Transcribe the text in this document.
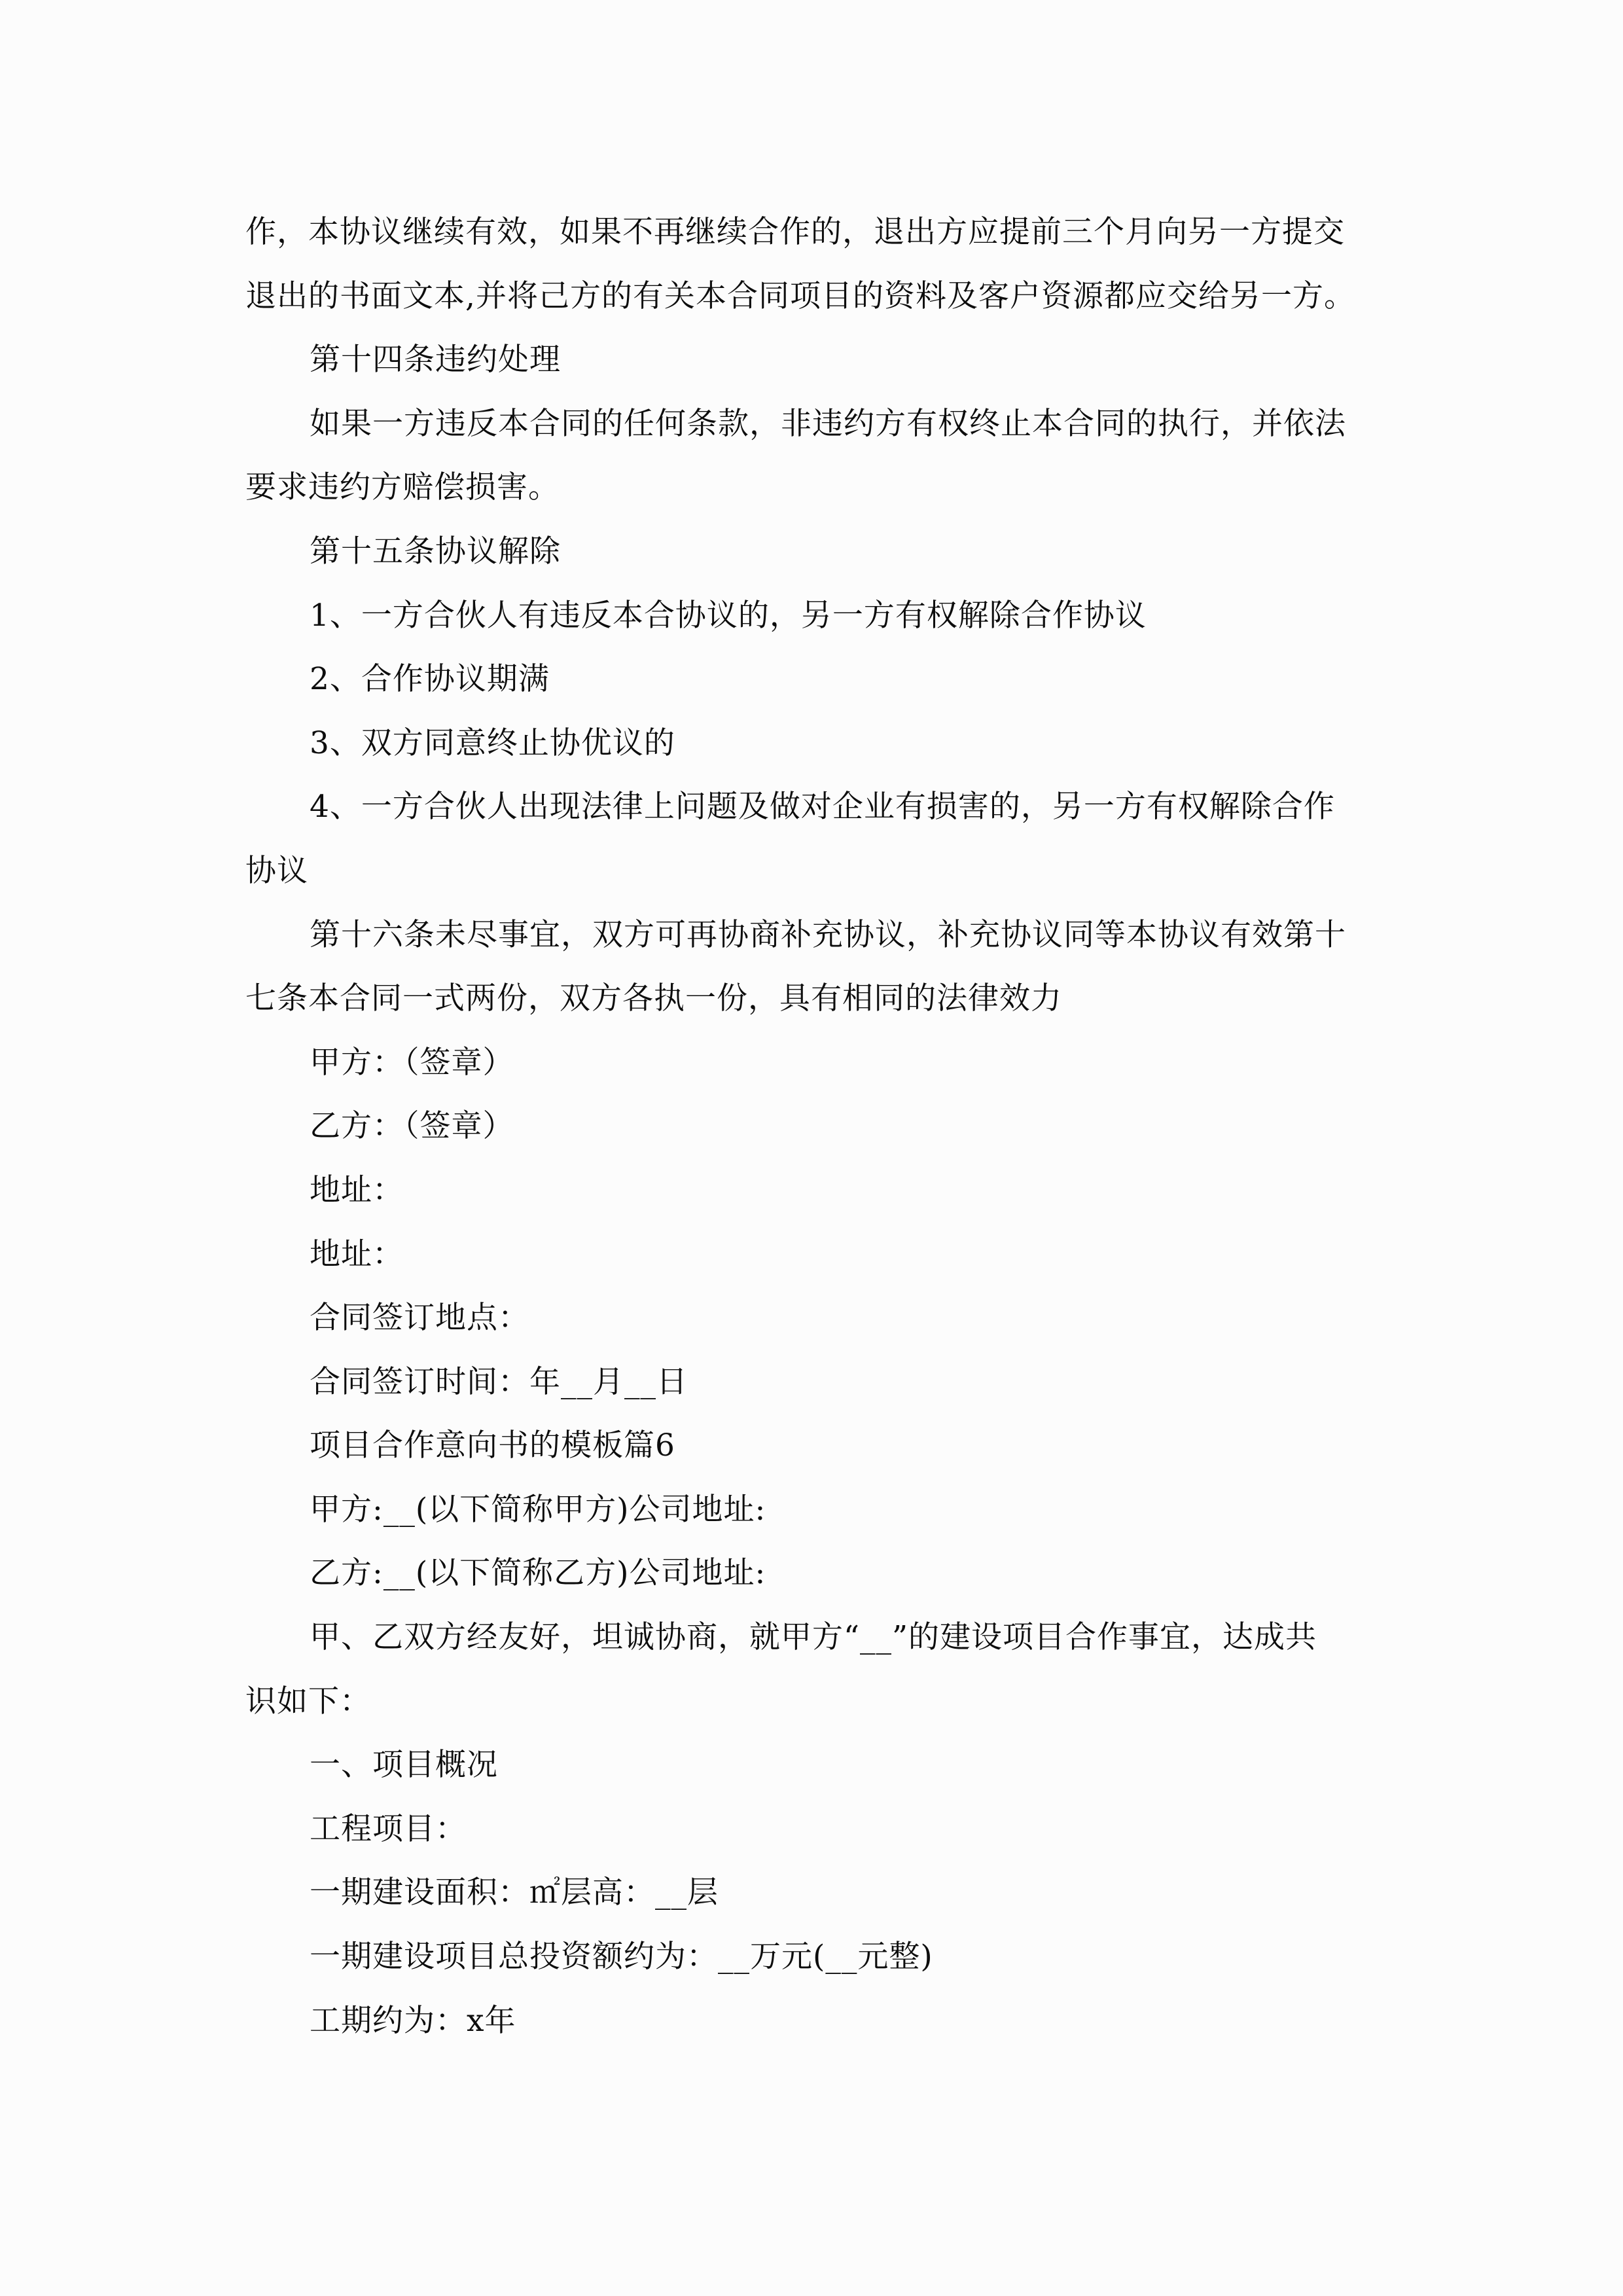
作，本协议继续有效，如果不再继续合作的，退出方应提前三个月向另一方提交

退出的书面文本,并将己方的有关本合同项目的资料及客户资源都应交给另一方。

第十四条违约处理

如果一方违反本合同的任何条款，非违约方有权终止本合同的执行，并依法

要求违约方赔偿损害。

第十五条协议解除

1、一方合伙人有违反本合协议的，另一方有权解除合作协议

2、合作协议期满

3、双方同意终止协优议的

4、一方合伙人出现法律上问题及做对企业有损害的，另一方有权解除合作

协议

第十六条未尽事宜，双方可再协商补充协议，补充协议同等本协议有效第十

七条本合同一式两份，双方各执一份，具有相同的法律效力

甲方：（签章）

乙方：（签章）

地址：

地址：

合同签订地点：

合同签订时间：年__月__日

项目合作意向书的模板篇6

甲方:__(以下简称甲方)公司地址:

乙方:__(以下简称乙方)公司地址:

甲、乙双方经友好，坦诚协商，就甲方“__”的建设项目合作事宜，达成共

识如下：

一、项目概况

工程项目：

一期建设面积：㎡层高：__层

一期建设项目总投资额约为：__万元(__元整)

工期约为：x年
